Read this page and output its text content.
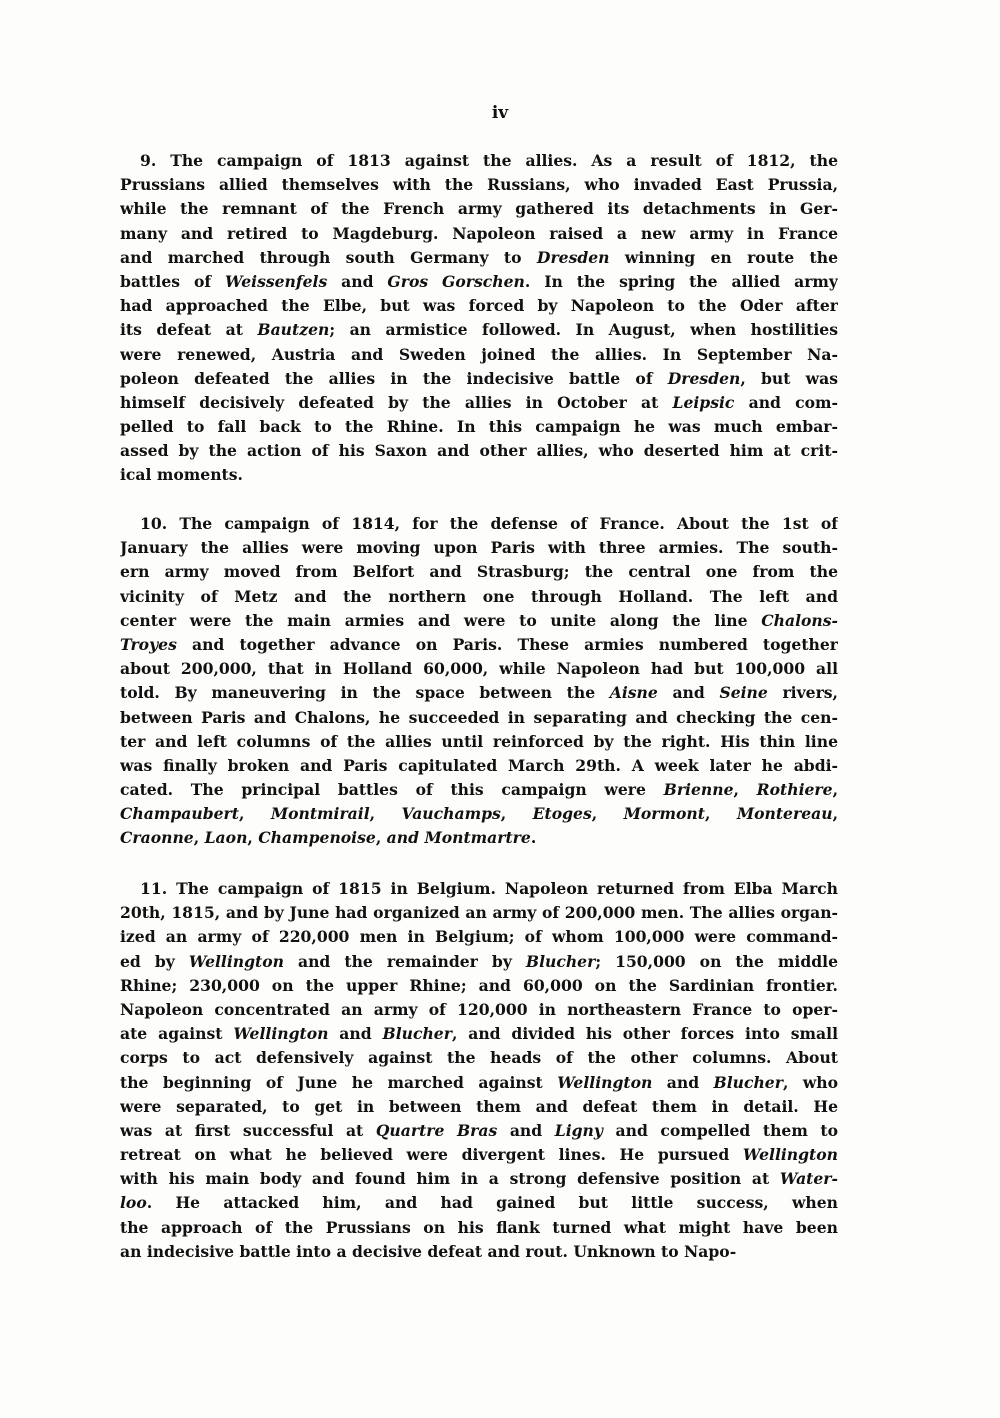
iv
9. The campaign of 1813 against the allies. As a result of 1812, the
Prussians allied themselves with the Russians, who invaded East Prussia,
while the remnant of the French army gathered its detachments in Ger-
many and retired to Magdeburg. Napoleon raised a new army in France
and marched through south Germany to Dresden winning en route the
battles of Weissenfels and Gros Gorschen. In the spring the allied army
had approached the Elbe, but was forced by Napoleon to the Oder after
its defeat at Bautzen; an armistice followed. In August, when hostilities
were renewed, Austria and Sweden joined the allies. In September Na-
poleon defeated the allies in the indecisive battle of Dresden, but was
himself decisively defeated by the allies in October at Leipsic and com-
pelled to fall back to the Rhine. In this campaign he was much embar-
assed by the action of his Saxon and other allies, who deserted him at crit-
ical moments.
10. The campaign of 1814, for the defense of France. About the 1st of
January the allies were moving upon Paris with three armies. The south-
ern army moved from Belfort and Strasburg; the central one from the
vicinity of Metz and the northern one through Holland. The left and
center were the main armies and were to unite along the line Chalons-
Troyes and together advance on Paris. These armies numbered together
about 200,000, that in Holland 60,000, while Napoleon had but 100,000 all
told. By maneuvering in the space between the Aisne and Seine rivers,
between Paris and Chalons, he succeeded in separating and checking the cen-
ter and left columns of the allies until reinforced by the right. His thin line
was finally broken and Paris capitulated March 29th. A week later he abdi-
cated. The principal battles of this campaign were Brienne, Rothiere,
Champaubert, Montmirail, Vauchamps, Etoges, Mormont, Montereau,
Craonne, Laon, Champenoise, and Montmartre.
11. The campaign of 1815 in Belgium. Napoleon returned from Elba March
20th, 1815, and by June had organized an army of 200,000 men. The allies organ-
ized an army of 220,000 men in Belgium; of whom 100,000 were command-
ed by Wellington and the remainder by Blucher; 150,000 on the middle
Rhine; 230,000 on the upper Rhine; and 60,000 on the Sardinian frontier.
Napoleon concentrated an army of 120,000 in northeastern France to oper-
ate against Wellington and Blucher, and divided his other forces into small
corps to act defensively against the heads of the other columns. About
the beginning of June he marched against Wellington and Blucher, who
were separated, to get in between them and defeat them in detail. He
was at first successful at Quartre Bras and Ligny and compelled them to
retreat on what he believed were divergent lines. He pursued Wellington
with his main body and found him in a strong defensive position at Water-
loo. He attacked him, and had gained but little success, when
the approach of the Prussians on his flank turned what might have been
an indecisive battle into a decisive defeat and rout. Unknown to Napo-
